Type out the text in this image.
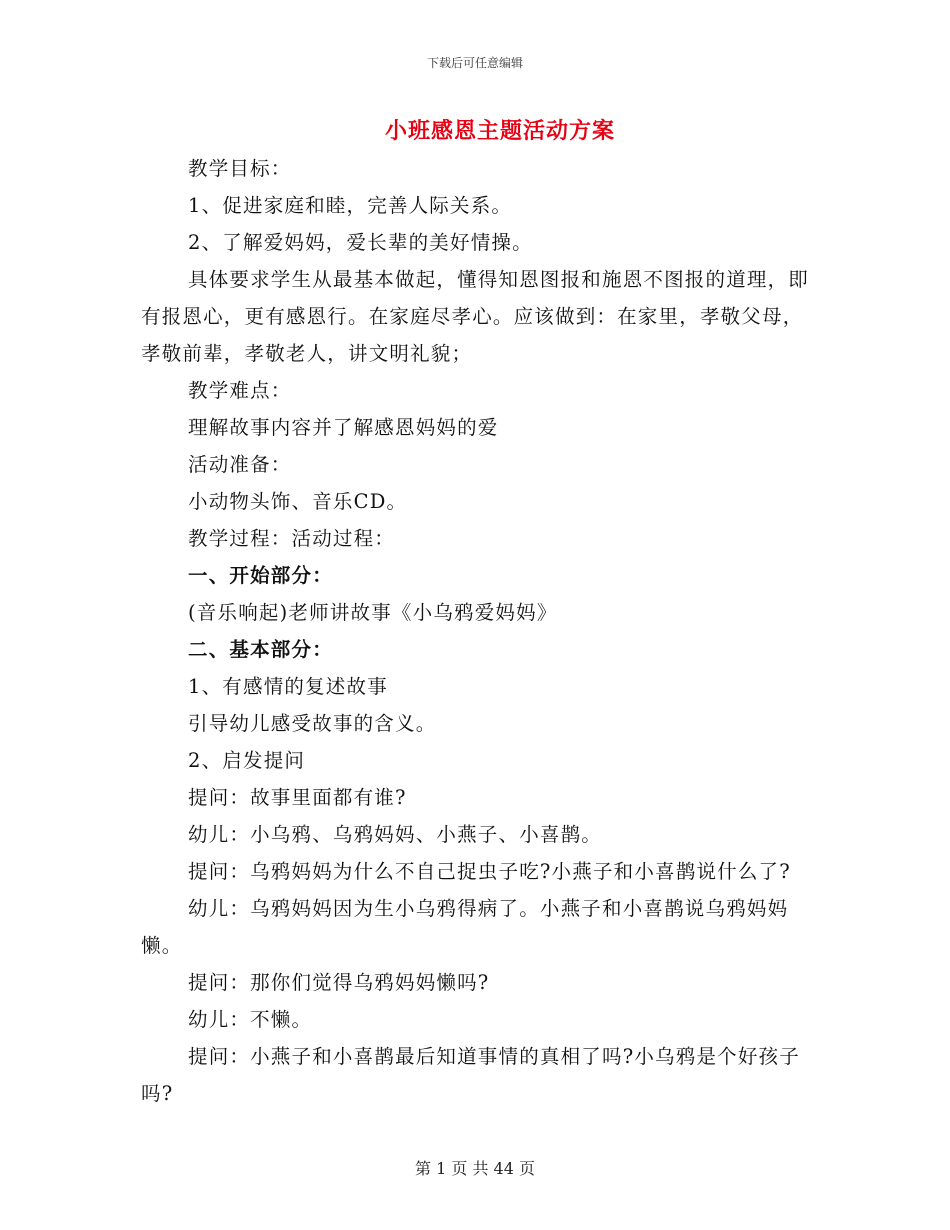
下载后可任意编辑
小班感恩主题活动方案

教学目标：

1、促进家庭和睦，完善人际关系。

2、了解爱妈妈，爱长辈的美好情操。

具体要求学生从最基本做起，懂得知恩图报和施恩不图报的道理，即有报恩心，更有感恩行。在家庭尽孝心。应该做到：在家里，孝敬父母，孝敬前辈，孝敬老人，讲文明礼貌；

教学难点：

理解故事内容并了解感恩妈妈的爱

活动准备：

小动物头饰、音乐CD。

教学过程：活动过程：

一、开始部分：

(音乐响起)老师讲故事《小乌鸦爱妈妈》

二、基本部分：

1、有感情的复述故事

引导幼儿感受故事的含义。

2、启发提问

提问：故事里面都有谁?

幼儿：小乌鸦、乌鸦妈妈、小燕子、小喜鹊。

提问：乌鸦妈妈为什么不自己捉虫子吃?小燕子和小喜鹊说什么了?

幼儿：乌鸦妈妈因为生小乌鸦得病了。小燕子和小喜鹊说乌鸦妈妈懒。

提问：那你们觉得乌鸦妈妈懒吗?

幼儿：不懒。

提问：小燕子和小喜鹊最后知道事情的真相了吗?小乌鸦是个好孩子吗?

第 1 页 共 44 页
